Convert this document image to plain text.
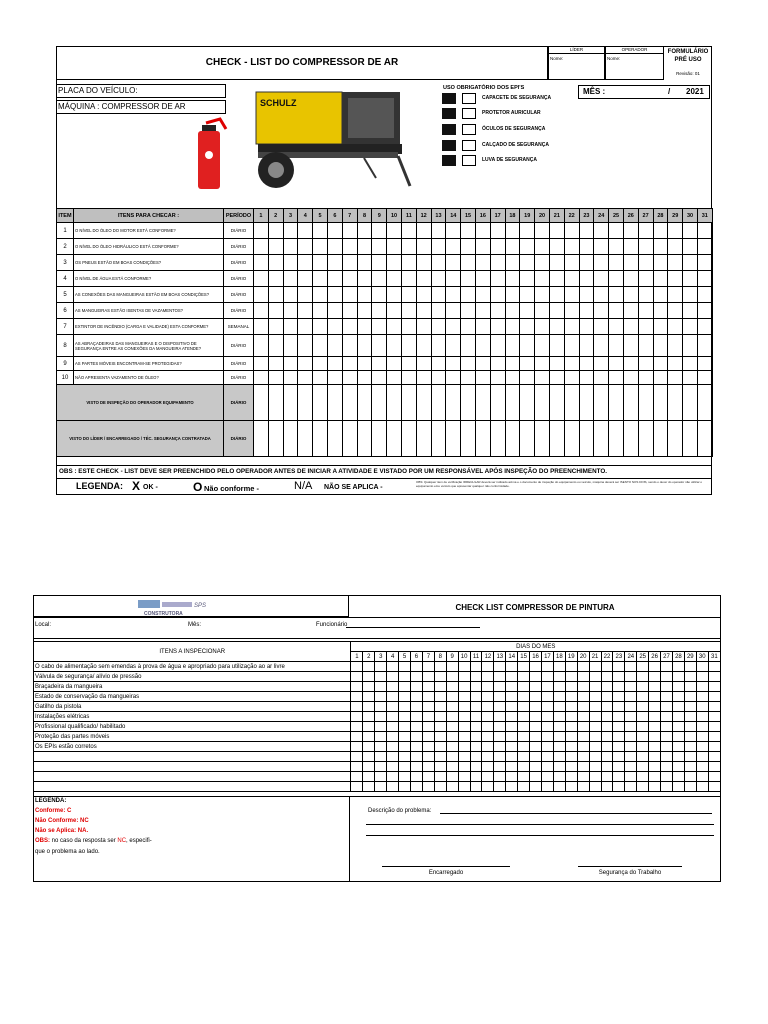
CHECK - LIST DO COMPRESSOR DE AR
LÍDER	OPERADOR
Nome:	Nome:
FORMULÁRIO
PRÉ USO
Revisão: 01
PLACA DO VEÍCULO:
MÁQUINA : COMPRESSOR DE AR	SCHULZ
USO OBRIGATÓRIO DOS EPI'S
CAPACETE DE SEGURANÇA
PROTETOR AURICULAR
ÓCULOS DE SEGURANÇA
CALÇADO DE SEGURANÇA
LUVA DE SEGURANÇA
MÊS :	/ 2021
ITEM	ITENS PARA CHECAR :	PERÍODO	1	2	3	4	5	6	7	8	9	10	11	12	13	14	15	16	17	18	19	20	21	22	23	24	25	26	27	28	29	30	31
1	O NÍVEL DO ÓLEO DO MOTOR ESTÁ CONFORME?	DIÁRIO																															
2	O NÍVEL DO ÓLEO HIDRÁULICO ESTÁ CONFORME?	DIÁRIO																															
3	OS PNEUS ESTÃO EM BOAS CONDIÇÕES?	DIÁRIO																															
4	O NÍVEL DE ÁGUA ESTÁ CONFORME?	DIÁRIO																															
5	AS CONEXÕES DAS MANGUEIRAS ESTÃO EM BOAS CONDIÇÕES?	DIÁRIO																															
6	AS MANGUEIRAS ESTÃO ISENTAS DE VAZAMENTOS?	DIÁRIO																															
7	EXTINTOR DE INCÊNDIO (CARGA E VALIDADE) ESTA CONFORME?	SEMANAL																															
8	AS ABRAÇADEIRAS DAS MANGUEIRAS E O DISPOSITIVO DE SEGURANÇA ENTRE AS CONEXÕES DA MANGUEIRA ATENDE?	DIÁRIO																															
9	AS PARTES MÓVEIS ENCONTRAM-SE PROTEGIDAS?	DIÁRIO																															
10	NÃO APRESENTA VAZAMENTO DE ÓLEO?	DIÁRIO																															
VISTO DE INSPEÇÃO DO OPERADOR EQUIPAMENTO		DIÁRIO																															
VISTO DO LÍDER / ENCARREGADO / TÉC. SEGURANÇA CONTRATADA		DIÁRIO																															
OBS : ESTE CHECK - LIST DEVE SER PREENCHIDO PELO OPERADOR ANTES DE INICIAR A ATIVIDADE E VISTADO POR UM RESPONSÁVEL APÓS INSPEÇÃO DO PREENCHIMENTO.
LEGENDA: X OK -	O Não conforme -	N/A NÃO SE APLICA -
OBS: Qualquer item de verificação IRREGULAR deverá ser indicado acima e o documento de inspeção do equipamento ou veículo, máquina deverá ser ISENTO NOS DOIS, sendo o dever do operador não utilizar o equipamento e/ou veículo que apresentar qualquer não conformidade.
SPS
CONSTRUTORA
CHECK LIST COMPRESSOR DE PINTURA
Local:	Mês:	Funcionário
ITENS A INSPECIONAR	DIAS DO MES																														
	1	2	3	4	5	6	7	8	9	10	11	12	13	14	15	16	17	18	19	20	21	22	23	24	25	26	27	28	29	30	31
O cabo de alimentação sem emendas à prova de água e apropriado para utilização ao ar livre																															
Válvula de segurança/ alívio de pressão																															
Braçadeira da mangueira																															
Estado de conservação da mangueiras																															
Gatilho da pistola																															
Instalações elétricas																															
Profissional qualificado/ habilitado																															
Proteção das partes móveis																															
Os EPIs estão corretos																															

LEGENDA:
Conforme: C
Não Conforme: NC
Não se Aplica: NA.
OBS: no caso da resposta ser NC, especifi-
que o problema ao lado.
Descrição do problema:
Encarregado	Segurança do Trabalho
